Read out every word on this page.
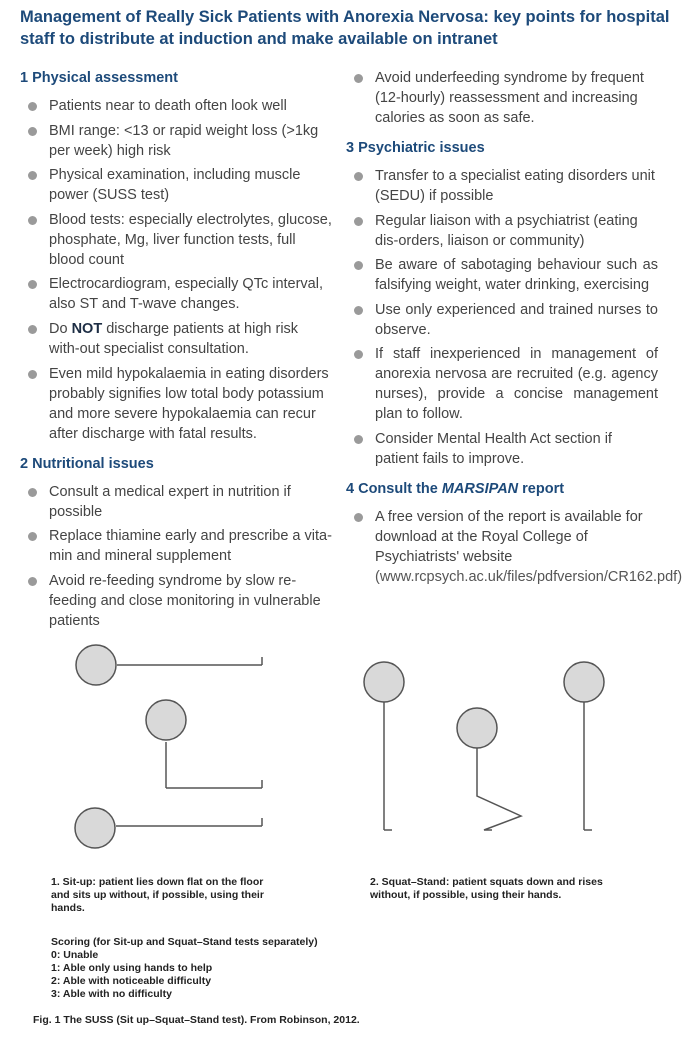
Management of Really Sick Patients with Anorexia Nervosa: key points for hospital staff to distribute at induction and make available on intranet
1 Physical assessment
Patients near to death often look well
BMI range: <13 or rapid weight loss (>1kg per week) high risk
Physical examination, including muscle power (SUSS test)
Blood tests: especially electrolytes, glucose, phosphate, Mg, liver function tests, full blood count
Electrocardiogram, especially QTc interval, also ST and T-wave changes.
Do NOT discharge patients at high risk with-out specialist consultation.
Even mild hypokalaemia in eating disorders probably signifies low total body potassium and more severe hypokalaemia can recur after discharge with fatal results.
2 Nutritional issues
Consult a medical expert in nutrition if possible
Replace thiamine early and prescribe a vita-min and mineral supplement
Avoid re-feeding syndrome by slow re-feeding and close monitoring in vulnerable patients
Avoid underfeeding syndrome by frequent (12-hourly) reassessment and increasing calories as soon as safe.
3 Psychiatric issues
Transfer to a specialist eating disorders unit (SEDU) if possible
Regular liaison with a psychiatrist (eating dis-orders, liaison or community)
Be aware of sabotaging behaviour such as falsifying weight, water drinking, exercising
Use only experienced and trained nurses to observe.
If staff inexperienced in management of anorexia nervosa are recruited (e.g. agency nurses), provide a concise management plan to follow.
Consider Mental Health Act section if patient fails to improve.
4 Consult the MARSIPAN report
A free version of the report is available for download at the Royal College of Psychiatrists' website (www.rcpsych.ac.uk/files/pdfversion/CR162.pdf)
1. Sit-up: patient lies down flat on the floor
and sits up without, if possible, using their
hands.
2. Squat–Stand: patient squats down and rises
without, if possible, using their hands.
Scoring (for Sit-up and Squat–Stand tests separately)
0: Unable
1: Able only using hands to help
2: Able with noticeable difficulty
3: Able with no difficulty
Fig. 1 The SUSS (Sit up–Squat–Stand test). From Robinson, 2012.
